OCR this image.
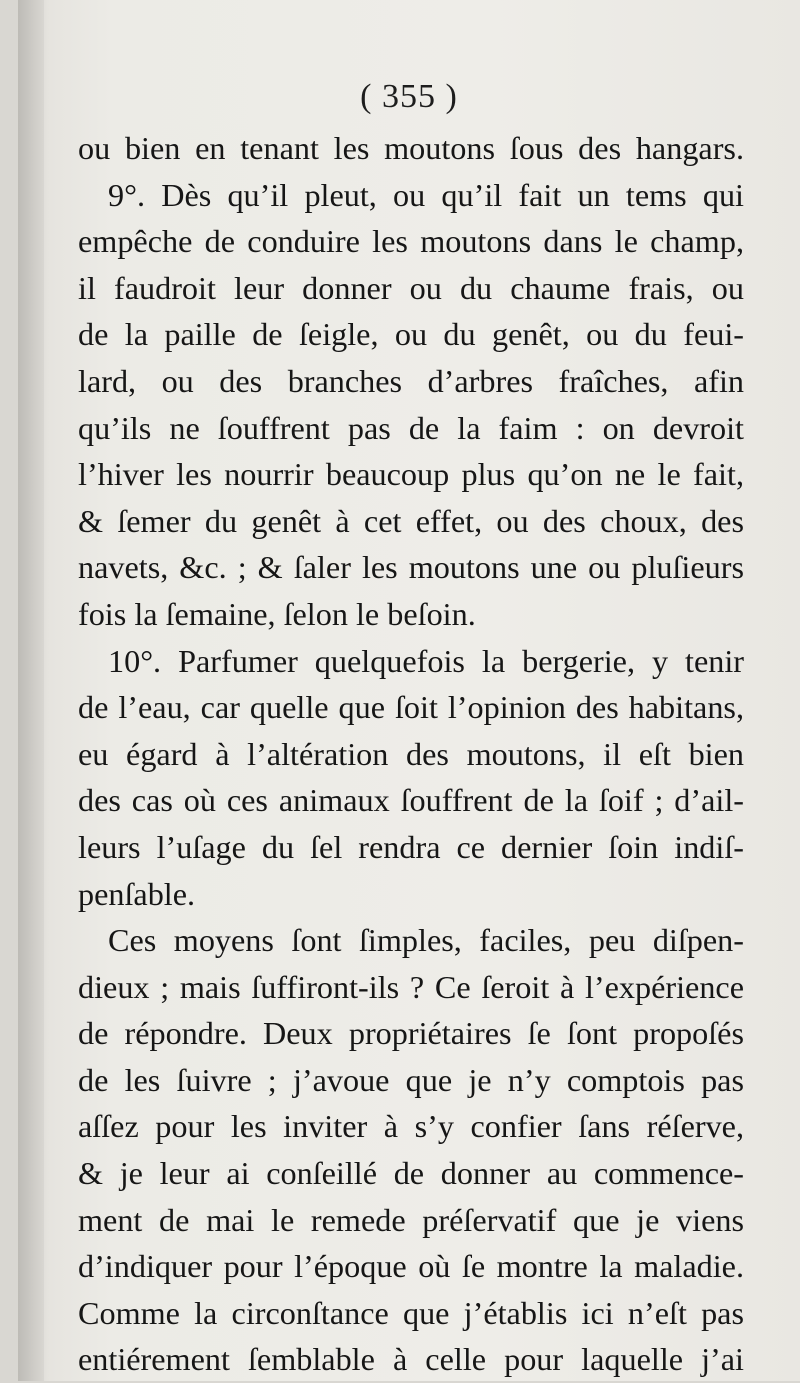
( 355 )
ou bien en tenant les moutons ſous des hangars.
9°. Dès qu’il pleut, ou qu’il fait un tems qui
empêche de conduire les moutons dans le champ,
il faudroit leur donner ou du chaume frais, ou
de la paille de ſeigle, ou du genêt, ou du feui-
lard, ou des branches d’arbres fraîches, afin
qu’ils ne ſouffrent pas de la faim : on devroit
l’hiver les nourrir beaucoup plus qu’on ne le fait,
& ſemer du genêt à cet effet, ou des choux, des
navets, &c. ; & ſaler les moutons une ou pluſieurs
fois la ſemaine, ſelon le beſoin.
10°. Parfumer quelquefois la bergerie, y tenir
de l’eau, car quelle que ſoit l’opinion des habitans,
eu égard à l’altération des moutons, il eſt bien
des cas où ces animaux ſouffrent de la ſoif ; d’ail-
leurs l’uſage du ſel rendra ce dernier ſoin indiſ-
penſable.
Ces moyens ſont ſimples, faciles, peu diſpen-
dieux ; mais ſuffiront-ils ? Ce ſeroit à l’expérience
de répondre. Deux propriétaires ſe ſont propoſés
de les ſuivre ; j’avoue que je n’y comptois pas
aſſez pour les inviter à s’y confier ſans réſerve,
& je leur ai conſeillé de donner au commence-
ment de mai le remede préſervatif que je viens
d’indiquer pour l’époque où ſe montre la maladie.
Comme la circonſtance que j’établis ici n’eſt pas
entiérement ſemblable à celle pour laquelle j’ai
